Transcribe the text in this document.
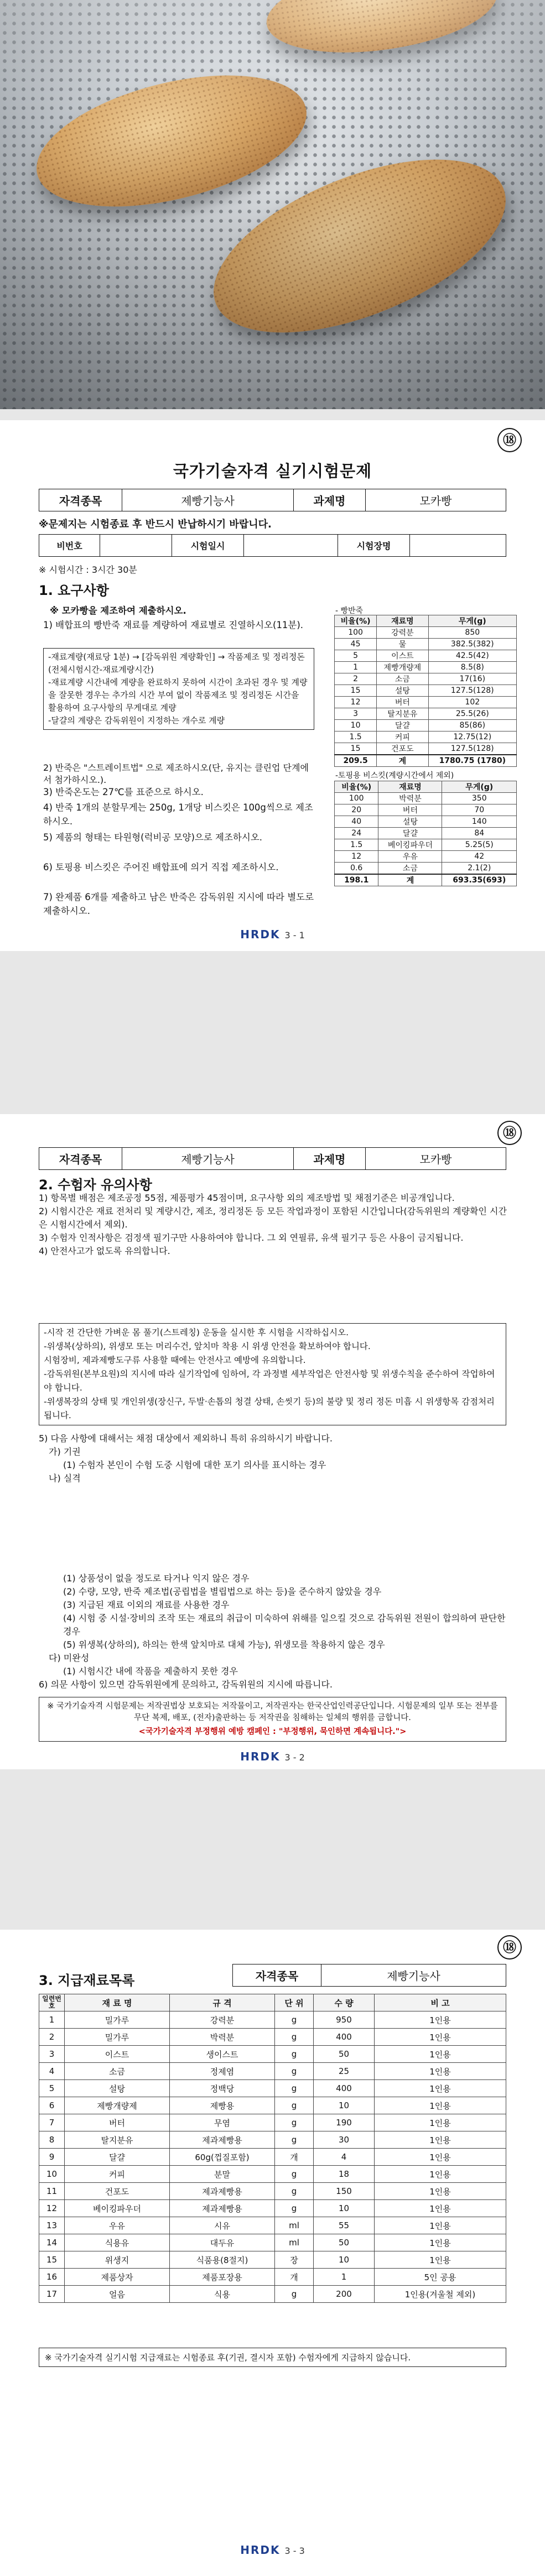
⑱
국가기술자격 실기시험문제
자격종목	제빵기능사	과제명	모카빵
※문제지는 시험종료 후 반드시 반납하시기 바랍니다.
비번호		시험일시		시험장명	
※ 시험시간 : 3시간 30분
1. 요구사항
※ 모카빵을 제조하여 제출하시오.
1) 배합표의 빵반죽 재료를 계량하여 재료별로 진열하시오(11분).
-재료계량(재료당 1분) → [감독위원 계량확인] → 작품제조 및 정리정돈(전체시험시간-재료계량시간)
-재료계량 시간내에 계량을 완료하지 못하여 시간이 초과된 경우 및 계량을 잘못한 경우는 추가의 시간 부여 없이 작품제조 및 정리정돈 시간을 활용하여 요구사항의 무게대로 계량
-달걀의 계량은 감독위원이 지정하는 개수로 계량
2) 반죽은 "스트레이트법" 으로 제조하시오(단, 유지는 클린업 단계에서 첨가하시오.).
- 빵반죽
비율(%)	재료명	무게(g)
100	강력분	850
45	물	382.5(382)
5	이스트	42.5(42)
1	제빵개량제	8.5(8)
2	소금	17(16)
15	설탕	127.5(128)
12	버터	102
3	탈지분유	25.5(26)
10	달걀	85(86)
1.5	커피	12.75(12)
15	건포도	127.5(128)
209.5	계	1780.75 (1780)
-토핑용 비스킷(계량시간에서 제외)
3) 반죽온도는 27℃를 표준으로 하시오.
4) 반죽 1개의 분할무게는 250g, 1개당 비스킷은 100g씩으로 제조하시오.
5) 제품의 형태는 타원형(럭비공 모양)으로 제조하시오.
6) 토핑용 비스킷은 주어진 배합표에 의거 직접 제조하시오.
7) 완제품 6개를 제출하고 남은 반죽은 감독위원 지시에 따라 별도로 제출하시오.
비율(%)	재료명	무게(g)
100	박력분	350
20	버터	70
40	설탕	140
24	달걀	84
1.5	베이킹파우더	5.25(5)
12	우유	42
0.6	소금	2.1(2)
198.1	계	693.35(693)
HRDK 3 - 1
⑱
자격종목	제빵기능사	과제명	모카빵
2. 수험자 유의사항
1) 항목별 배점은 제조공정 55점, 제품평가 45점이며, 요구사항 외의 제조방법 및 채점기준은 비공개입니다.
2) 시험시간은 재료 전처리 및 계량시간, 제조, 정리정돈 등 모든 작업과정이 포함된 시간입니다(감독위원의 계량확인 시간은 시험시간에서 제외).
3) 수험자 인적사항은 검정색 필기구만 사용하여야 합니다. 그 외 연필류, 유색 필기구 등은 사용이 금지됩니다.
4) 안전사고가 없도록 유의합니다.
-시작 전 간단한 가벼운 몸 풀기(스트레칭) 운동을 실시한 후 시험을 시작하십시오.
-위생복(상하의), 위생모 또는 머리수건, 앞치마 착용 시 위생 안전을 확보하여야 합니다.
시험장비, 제과제빵도구류 사용할 때에는 안전사고 예방에 유의합니다.
-감독위원(본부요원)의 지시에 따라 실기작업에 임하여, 각 과정별 세부작업은 안전사항 및 위생수칙을 준수하여 작업하여야 합니다.
-위생복장의 상태 및 개인위생(장신구, 두발·손톱의 청결 상태, 손씻기 등)의 불량 및 정리 정돈 미흡 시 위생항목 감점처리 됩니다.
5) 다음 사항에 대해서는 채점 대상에서 제외하니 특히 유의하시기 바랍니다.
가) 기권
(1) 수험자 본인이 수험 도중 시험에 대한 포기 의사를 표시하는 경우
나) 실격
(1) 상품성이 없을 정도로 타거나 익지 않은 경우
(2) 수량, 모양, 반죽 제조법(공립법을 별립법으로 하는 등)을 준수하지 않았을 경우
(3) 지급된 재료 이외의 재료를 사용한 경우
(4) 시험 중 시설·장비의 조작 또는 재료의 취급이 미숙하여 위해를 일으킬 것으로 감독위원 전원이 합의하여 판단한 경우
(5) 위생복(상하의), 하의는 한색 앞치마로 대체 가능), 위생모를 착용하지 않은 경우
다) 미완성
(1) 시험시간 내에 작품을 제출하지 못한 경우
6) 의문 사항이 있으면 감독위원에게 문의하고, 감독위원의 지시에 따릅니다.
※ 국가기술자격 시험문제는 저작권법상 보호되는 저작물이고, 저작권자는 한국산업인력공단입니다. 시험문제의 일부 또는 전부를 무단 복제, 배포, (전자)출판하는 등 저작권을 침해하는 일체의 행위를 금합니다.
<국가기술자격 부정행위 예방 캠페인 : "부정행위, 묵인하면 계속됩니다.">
HRDK 3 - 2
⑱
3. 지급재료목록	자격종목	제빵기능사
일련번호	재 료 명	규 격	단 위	수 량	비 고
1	밀가루	강력분	g	950	1인용
2	밀가루	박력분	g	400	1인용
3	이스트	생이스트	g	50	1인용
4	소금	정제염	g	25	1인용
5	설탕	정백당	g	400	1인용
6	제빵개량제	제빵용	g	10	1인용
7	버터	무염	g	190	1인용
8	탈지분유	제과제빵용	g	30	1인용
9	달걀	60g(껍질포함)	개	4	1인용
10	커피	분말	g	18	1인용
11	건포도	제과제빵용	g	150	1인용
12	베이킹파우더	제과제빵용	g	10	1인용
13	우유	시유	ml	55	1인용
14	식용유	대두유	ml	50	1인용
15	위생지	식품용(8절지)	장	10	1인용
16	제품상자	제품포장용	개	1	5인 공용
17	얼음	식용	g	200	1인용(겨울철 제외)
※ 국가기술자격 실기시험 지급재료는 시험종료 후(기권, 결시자 포함) 수험자에게 지급하지 않습니다.
HRDK 3 - 3
